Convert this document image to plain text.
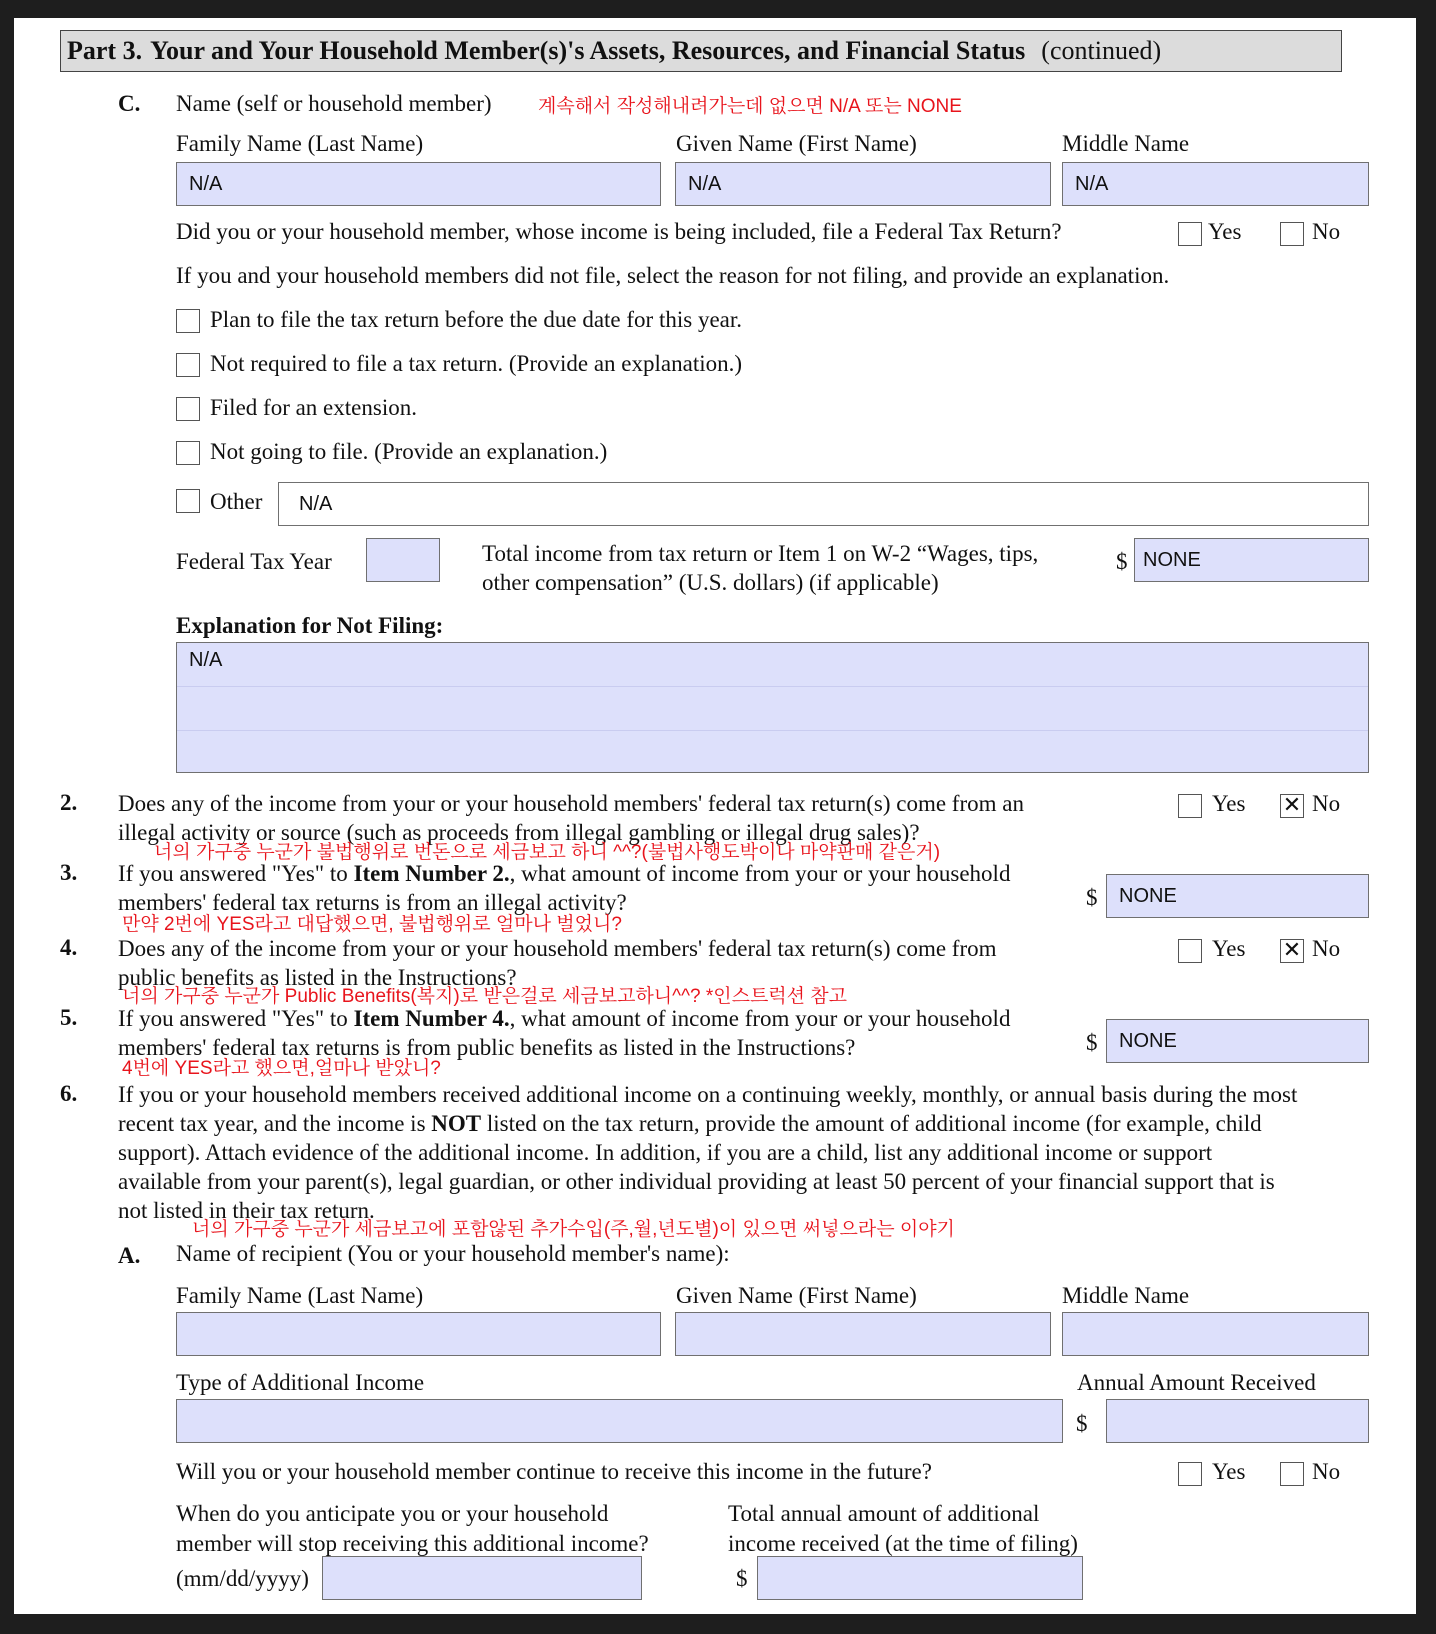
Part 3. Your and Your Household Member(s)'s Assets, Resources, and Financial Status (continued)
C. Name (self or household member) 계속해서 작성해내려가는데 없으면 N/A 또는 NONE
Family Name (Last Name)	Given Name (First Name)	Middle Name
N/A	N/A	N/A
Did you or your household member, whose income is being included, file a Federal Tax Return?	Yes	No
If you and your household members did not file, select the reason for not filing, and provide an explanation.
Plan to file the tax return before the due date for this year.
Not required to file a tax return. (Provide an explanation.)
Filed for an extension.
Not going to file. (Provide an explanation.)
Other	N/A
Federal Tax Year	Total income from tax return or Item 1 on W-2 “Wages, tips,
other compensation” (U.S. dollars) (if applicable)
$ NONE
Explanation for Not Filing:
N/A
2. Does any of the income from your or your household members' federal tax return(s) come from an
illegal activity or source (such as proceeds from illegal gambling or illegal drug sales)?
너의 가구중 누군가 불법행위로 번돈으로 세금보고 하니 ^^?(불법사행도박이나 마약판매 같은거)
Yes ✕	No
3. If you answered "Yes" to Item Number 2., what amount of income from your or your household
members' federal tax returns is from an illegal activity?
만약 2번에 YES라고 대답했으면, 불법행위로 얼마나 벌었니?
$	NONE
4. Does any of the income from your or your household members' federal tax return(s) come from
public benefits as listed in the Instructions?
너의 가구중 누군가 Public Benefits(복지)로 받은걸로 세금보고하니^^? *인스트럭션 참고
Yes ✕	No
5. If you answered "Yes" to Item Number 4., what amount of income from your or your household
members' federal tax returns is from public benefits as listed in the Instructions?
4번에 YES라고 했으면,얼마나 받았니?
$	NONE
6. If you or your household members received additional income on a continuing weekly, monthly, or annual basis during the most
recent tax year, and the income is NOT listed on the tax return, provide the amount of additional income (for example, child
support). Attach evidence of the additional income. In addition, if you are a child, list any additional income or support
available from your parent(s), legal guardian, or other individual providing at least 50 percent of your financial support that is
not listed in their tax return.
너의 가구중 누군가 세금보고에 포함않된 추가수입(주,월,년도별)이 있으면 써넣으라는 이야기
A. Name of recipient (You or your household member's name):
Family Name (Last Name)	Given Name (First Name)	Middle Name
Type of Additional Income	Annual Amount Received
$
Will you or your household member continue to receive this income in the future?	Yes	No
When do you anticipate you or your household
member will stop receiving this additional income?
(mm/dd/yyyy)
Total annual amount of additional
income received (at the time of filing)
$
